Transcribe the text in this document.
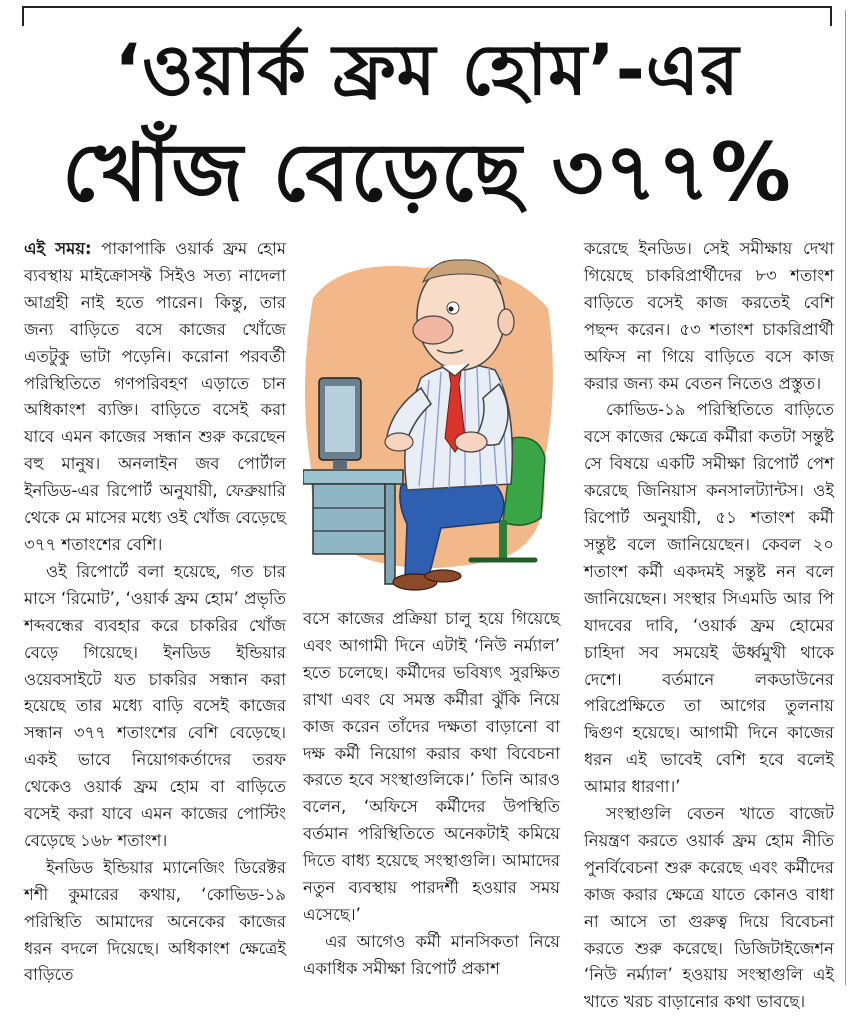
‘ওয়ার্ক ফ্রম হোম’-এর
খোঁজ বেড়েছে ৩৭৭%

এই সময়: পাকাপাকি ওয়ার্ক ফ্রম হোম ব্যবস্থায় মাইক্রোসফ্ট সিইও সত্য নাদেলা আগ্রহী নাই হতে পারেন। কিন্তু, তার জন্য বাড়িতে বসে কাজের খোঁজে এতটুকু ভাটা পড়েনি। করোনা পরবর্তী পরিস্থিতিতে গণপরিবহণ এড়াতে চান অধিকাংশ ব্যক্তি। বাড়িতে বসেই করা যাবে এমন কাজের সন্ধান শুরু করেছেন বহু মানুষ। অনলাইন জব পোর্টাল ইনডিড-এর রিপোর্ট অনুযায়ী, ফেব্রুয়ারি থেকে মে মাসের মধ্যে ওই খোঁজ বেড়েছে ৩৭৭ শতাংশের বেশি।

ওই রিপোর্টে বলা হয়েছে, গত চার মাসে ‘রিমোট’, ‘ওয়ার্ক ফ্রম হোম’ প্রভৃতি শব্দবন্ধের ব্যবহার করে চাকরির খোঁজ বেড়ে গিয়েছে। ইনডিড ইন্ডিয়ার ওয়েবসাইটে যত চাকরির সন্ধান করা হয়েছে তার মধ্যে বাড়ি বসেই কাজের সন্ধান ৩৭৭ শতাংশের বেশি বেড়েছে। একই ভাবে নিয়োগকর্তাদের তরফ থেকেও ওয়ার্ক ফ্রম হোম বা বাড়িতে বসেই করা যাবে এমন কাজের পোস্টিং বেড়েছে ১৬৮ শতাংশ।

ইনডিড ইন্ডিয়ার ম্যানেজিং ডিরেক্টর শশী কুমারের কথায়, ‘কোভিড-১৯ পরিস্থিতি আমাদের অনেকের কাজের ধরন বদলে দিয়েছে। অধিকাংশ ক্ষেত্রেই বাড়িতে

বসে কাজের প্রক্রিয়া চালু হয়ে গিয়েছে এবং আগামী দিনে এটাই ‘নিউ নর্ম্যাল’ হতে চলেছে। কর্মীদের ভবিষ্যৎ সুরক্ষিত রাখা এবং যে সমস্ত কর্মীরা ঝুঁকি নিয়ে কাজ করেন তাঁদের দক্ষতা বাড়ানো বা দক্ষ কর্মী নিয়োগ করার কথা বিবেচনা করতে হবে সংস্থাগুলিকে।’ তিনি আরও বলেন, ‘অফিসে কর্মীদের উপস্থিতি বর্তমান পরিস্থিতিতে অনেকটাই কমিয়ে দিতে বাধ্য হয়েছে সংস্থাগুলি। আমাদের নতুন ব্যবস্থায় পারদর্শী হওয়ার সময় এসেছে।’

এর আগেও কর্মী মানসিকতা নিয়ে একাধিক সমীক্ষা রিপোর্ট প্রকাশ

করেছে ইনডিড। সেই সমীক্ষায় দেখা গিয়েছে চাকরিপ্রার্থীদের ৮৩ শতাংশ বাড়িতে বসেই কাজ করতেই বেশি পছন্দ করেন। ৫৩ শতাংশ চাকরিপ্রার্থী অফিস না গিয়ে বাড়িতে বসে কাজ করার জন্য কম বেতন নিতেও প্রস্তুত।

কোভিড-১৯ পরিস্থিতিতে বাড়িতে বসে কাজের ক্ষেত্রে কর্মীরা কতটা সন্তুষ্ট সে বিষয়ে একটি সমীক্ষা রিপোর্ট পেশ করেছে জিনিয়াস কনসালট্যান্টস। ওই রিপোর্ট অনুযায়ী, ৫১ শতাংশ কর্মী সন্তুষ্ট বলে জানিয়েছেন। কেবল ২০ শতাংশ কর্মী একদমই সন্তুষ্ট নন বলে জানিয়েছেন। সংস্থার সিএমডি আর পি যাদবের দাবি, ‘ওয়ার্ক ফ্রম হোমের চাহিদা সব সময়েই ঊর্ধ্বমুখী থাকে দেশে। বর্তমানে লকডাউনের পরিপ্রেক্ষিতে তা আগের তুলনায় দ্বিগুণ হয়েছে। আগামী দিনে কাজের ধরন এই ভাবেই বেশি হবে বলেই আমার ধারণা।’

সংস্থাগুলি বেতন খাতে বাজেট নিয়ন্ত্রণ করতে ওয়ার্ক ফ্রম হোম নীতি পুনর্বিবেচনা শুরু করেছে এবং কর্মীদের কাজ করার ক্ষেত্রে যাতে কোনও বাধা না আসে তা গুরুত্ব দিয়ে বিবেচনা করতে শুরু করেছে। ডিজিটাইজেশন ‘নিউ নর্ম্যাল’ হওয়ায় সংস্থাগুলি এই খাতে খরচ বাড়ানোর কথা ভাবছে।
